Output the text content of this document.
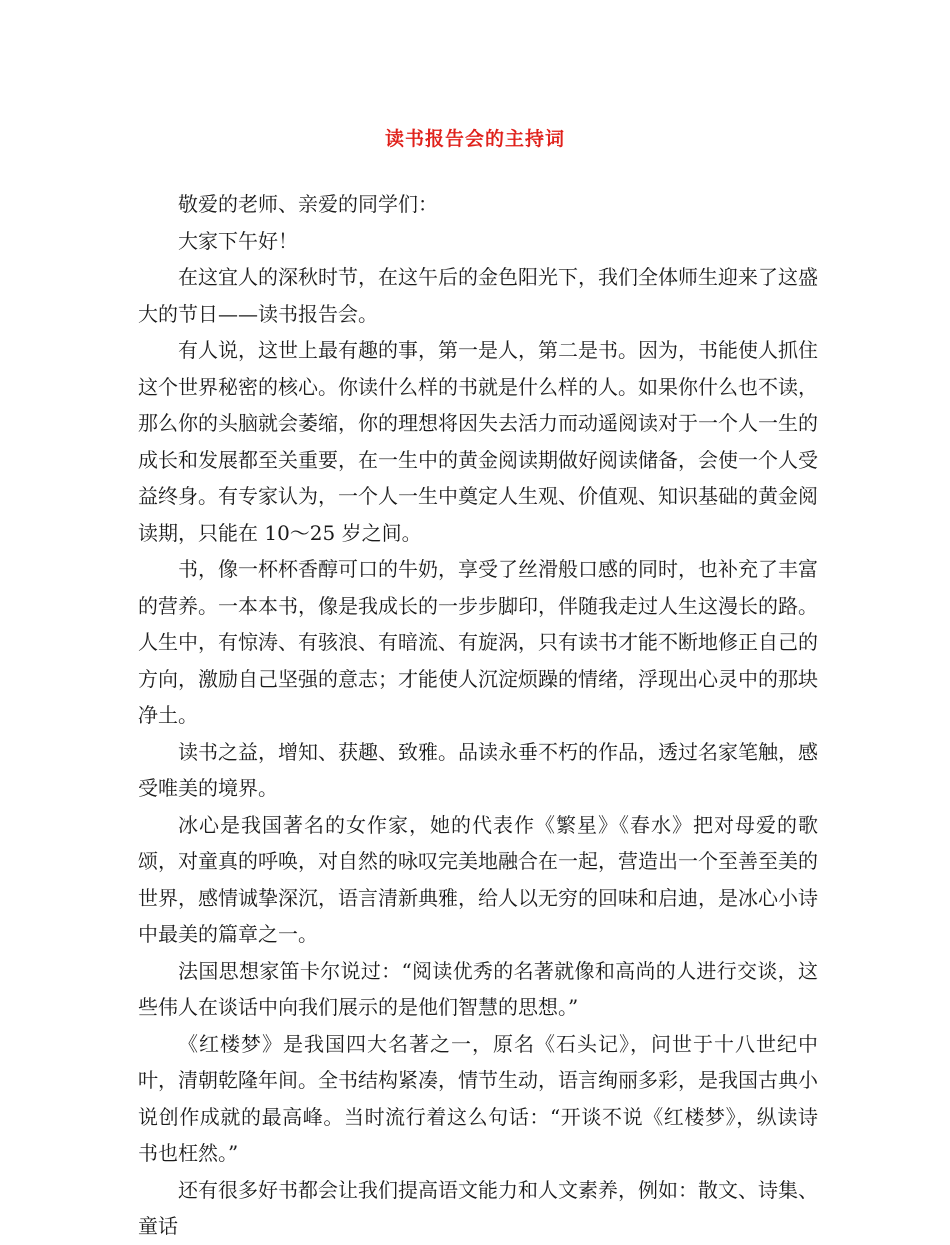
读书报告会的主持词

敬爱的老师、亲爱的同学们：

大家下午好！

在这宜人的深秋时节，在这午后的金色阳光下，我们全体师生迎来了这盛大的节日——读书报告会。

有人说，这世上最有趣的事，第一是人，第二是书。因为，书能使人抓住这个世界秘密的核心。你读什么样的书就是什么样的人。如果你什么也不读，那么你的头脑就会萎缩，你的理想将因失去活力而动遥阅读对于一个人一生的成长和发展都至关重要，在一生中的黄金阅读期做好阅读储备，会使一个人受益终身。有专家认为，一个人一生中奠定人生观、价值观、知识基础的黄金阅读期，只能在 10～25 岁之间。

书，像一杯杯香醇可口的牛奶，享受了丝滑般口感的同时，也补充了丰富的营养。一本本书，像是我成长的一步步脚印，伴随我走过人生这漫长的路。人生中，有惊涛、有骇浪、有暗流、有旋涡，只有读书才能不断地修正自己的方向，激励自己坚强的意志；才能使人沉淀烦躁的情绪，浮现出心灵中的那块净土。

读书之益，增知、获趣、致雅。品读永垂不朽的作品，透过名家笔触，感受唯美的境界。

冰心是我国著名的女作家，她的代表作《繁星》《春水》把对母爱的歌颂，对童真的呼唤，对自然的咏叹完美地融合在一起，营造出一个至善至美的世界，感情诚挚深沉，语言清新典雅，给人以无穷的回味和启迪，是冰心小诗中最美的篇章之一。

法国思想家笛卡尔说过：“阅读优秀的名著就像和高尚的人进行交谈，这些伟人在谈话中向我们展示的是他们智慧的思想。”

《红楼梦》是我国四大名著之一，原名《石头记》，问世于十八世纪中叶，清朝乾隆年间。全书结构紧凑，情节生动，语言绚丽多彩，是我国古典小说创作成就的最高峰。当时流行着这么句话：“开谈不说《红楼梦》，纵读诗书也枉然。”

还有很多好书都会让我们提高语文能力和人文素养，例如：散文、诗集、童话
